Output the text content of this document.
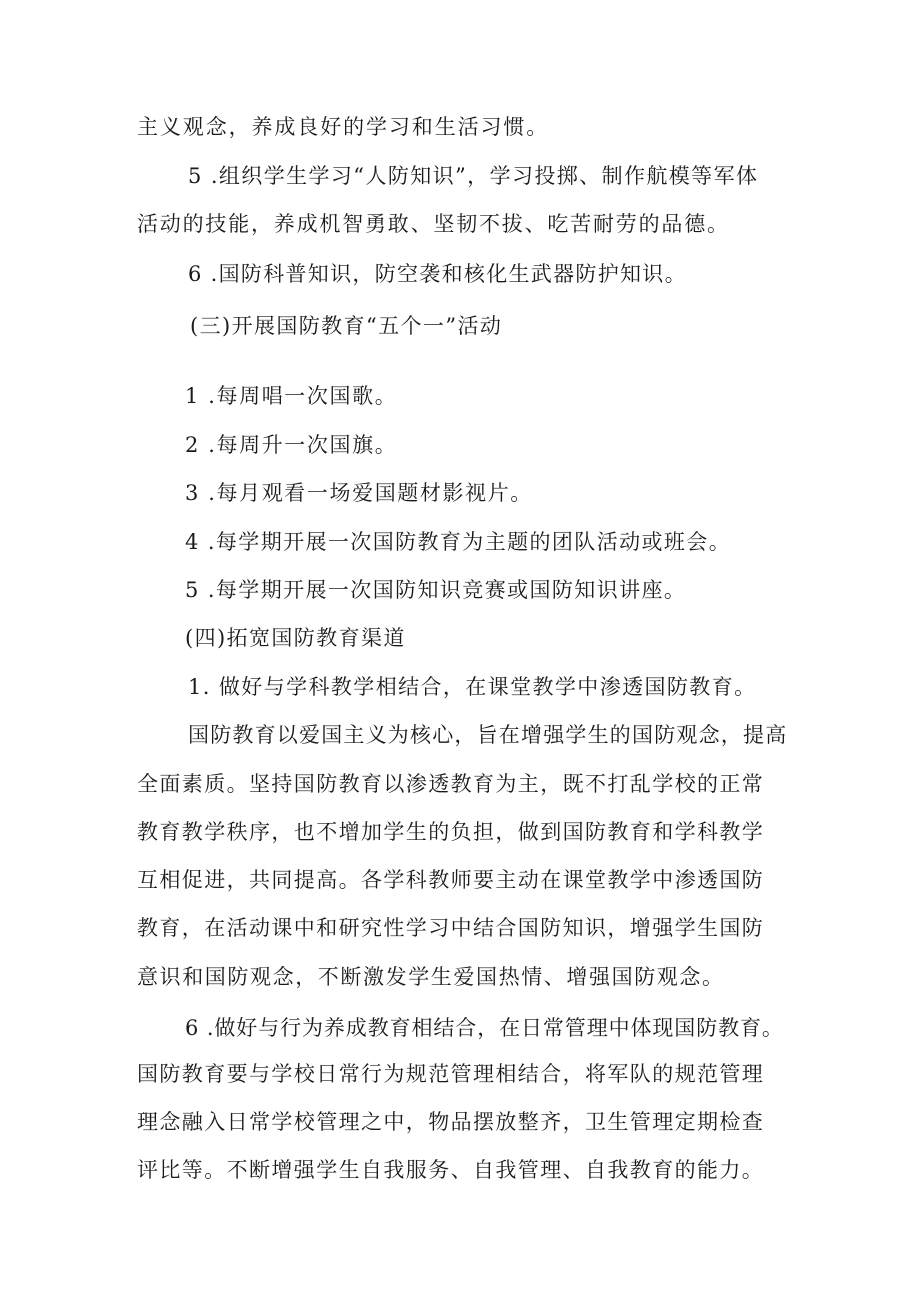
主义观念，养成良好的学习和生活习惯。

5 .组织学生学习“人防知识”，学习投掷、制作航模等军体

活动的技能，养成机智勇敢、坚韧不拔、吃苦耐劳的品德。

6 .国防科普知识，防空袭和核化生武器防护知识。

(三)开展国防教育“五个一”活动

1 .每周唱一次国歌。

2 .每周升一次国旗。

3 .每月观看一场爱国题材影视片。

4 .每学期开展一次国防教育为主题的团队活动或班会。

5 .每学期开展一次国防知识竞赛或国防知识讲座。

(四)拓宽国防教育渠道

1. 做好与学科教学相结合，在课堂教学中渗透国防教育。

国防教育以爱国主义为核心，旨在增强学生的国防观念，提高

全面素质。坚持国防教育以渗透教育为主，既不打乱学校的正常

教育教学秩序，也不增加学生的负担，做到国防教育和学科教学

互相促进，共同提高。各学科教师要主动在课堂教学中渗透国防

教育，在活动课中和研究性学习中结合国防知识，增强学生国防

意识和国防观念，不断激发学生爱国热情、增强国防观念。

6 .做好与行为养成教育相结合，在日常管理中体现国防教育。

国防教育要与学校日常行为规范管理相结合，将军队的规范管理

理念融入日常学校管理之中，物品摆放整齐，卫生管理定期检查

评比等。不断增强学生自我服务、自我管理、自我教育的能力。
